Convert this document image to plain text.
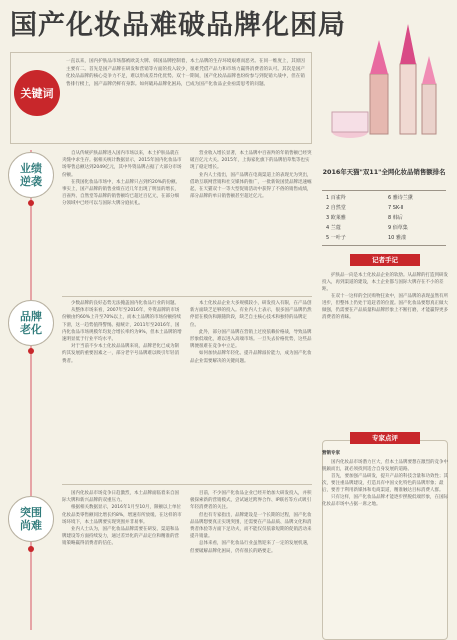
国产化妆品难破品牌化困局
关键词
一直以来，国内护肤品市场都被欧美大牌、韩国品牌控制着，本土品牌的生存环境艰难而恶劣。在同一维度上，其原因主要有二。首先是国产品牌在研发和营销等方面的投入较少，很难凭借产品力和市场力赢得消费者的认可。其次是国产化妆品品牌的核心竞争力不足，难以形成差异化优势。双十一期间，国产化妆品品牌也纷纷参与到促销大战中，但在销售排行榜上，国产品牌仍鲜有身影。如何破局品牌化困局，已成为国产化妆品企业亟需思考的问题。
业绩逆袭

自从传统护肤品牌进入国内市场以来，本土护肤品就在夹缝中求生存。据相关统计数据显示，2015年国内化妆品市场零售总额达到2049亿元，其中外资品牌占据了大部分市场份额。

在我国化妆品市场中，本土品牌只占到约20%的份额。事实上，国产品牌的销售业绩在近几年出现了明显的增长，百雀羚、自然堂等品牌的销售额均已超过百亿元，在部分细分领域中已经可以与国际大牌分庭抗礼。

营业收入增长显著，本土品牌中百雀羚的年销售额已经突破百亿元大关。2015年，上海家化旗下的品牌佰草集等也实现了稳定增长。

业内人士指出，国产品牌在电商渠道上的表现尤为突出，借助互联网营销和社交媒体的推广，一批新锐国货品牌迅速崛起，在天猫双十一等大型促销活动中获得了不俗的销售成绩，部分品牌的单日销售额甚至超过亿元。

品牌老化

少数品牌的良好态势无法掩盖国内化妆品行业的问题。

从整体市场来看，2007年至2016年，外资品牌的市场份额由约60%上升至70%以上，而本土品牌的市场份额持续下滑，这一趋势值得警惕。据统计，2011年至2016年，国内化妆品市场规模年均复合增长率约为9%，但本土品牌的增速明显低于行业平均水平。

对于当前不少本土化妆品品牌来说，品牌老化已成为制约其发展的重要因素之一，部分老字号品牌难以吸引年轻消费者。

本土化妆品企业大多规模较小，研发投入有限，在产品创新方面缺乏足够的投入。有业内人士表示，很多国产品牌仍然停留在模仿和跟随阶段，缺乏自主核心技术和独特的品牌定位。

此外，部分国产品牌在营销上过度依赖价格战，导致品牌形象低端化，难以进入高端市场。一旦失去价格优势，这些品牌便很难在竞争中立足。

如何加快品牌年轻化、提升品牌溢价能力，成为国产化妆品企业需要解决的关键问题。

突围尚难

国内化妆品市场竞争日趋激烈，本土品牌面临着来自国际大牌和新兴品牌的双重压力。

根据相关数据显示，2016年1月至10月，限额以上单位化妆品类零售额同比增长约8%，增速有所放缓。在这样的市场环境下，本土品牌要实现突围并非易事。

业内人士认为，国产化妆品品牌需要在研发、渠道和品牌建设等方面持续发力，通过差异化的产品定位和精准的营销策略赢得消费者的信任。

目前，不少国产化妆品企业已经开始加大研发投入，并积极探索新的营销模式，尝试通过跨界合作、IP联名等方式吸引年轻消费者的关注。

但也有专家指出，品牌建设是一个长期的过程，国产化妆品品牌想要真正实现突围，还需要在产品品质、品牌文化和消费者体验等方面下足功夫，而不能仅仅依靠短期的促销活动来提升销量。

总体来看，国产化妆品行业虽然迎来了一定的发展机遇，但要破解品牌化困局，仍有很长的路要走。

2016年天猫"双11"全网化妆品销售额排名
1 百雀羚	6 雅诗兰黛
2 自然堂	7 SK-II
3 欧莱雅	8 韩后
4 兰蔻	9 佰草集
5 一叶子	10 雅漾
记者手记

护肤品一向是本土化妆品企业的软肋。从品牌的打造到研发投入，再到渠道的建设，本土企业都与国际大牌存在不小的差距。

在双十一这样的全民购物狂欢中，国产品牌的表现虽然有所进步，但整体上仍处于追赶者的位置。国产化妆品要想真正做大做强，仍需要在产品质量和品牌形象上不断打磨，才能赢得更多消费者的青睐。

专家点评
营销专家

国内化妆品市场潜力巨大，但本土品牌要想在激烈的竞争中脱颖而出，就必须找到适合自身发展的道路。

首先，要加强产品研发，提升产品的科技含量和功效性；其次，要注重品牌建设，打造具有中国文化特色的品牌形象；最后，要善于利用新媒体和电商渠道，精准触达目标消费人群。

只有这样，国产化妆品品牌才能逐步摆脱低端形象，在国际化妆品市场中占据一席之地。
